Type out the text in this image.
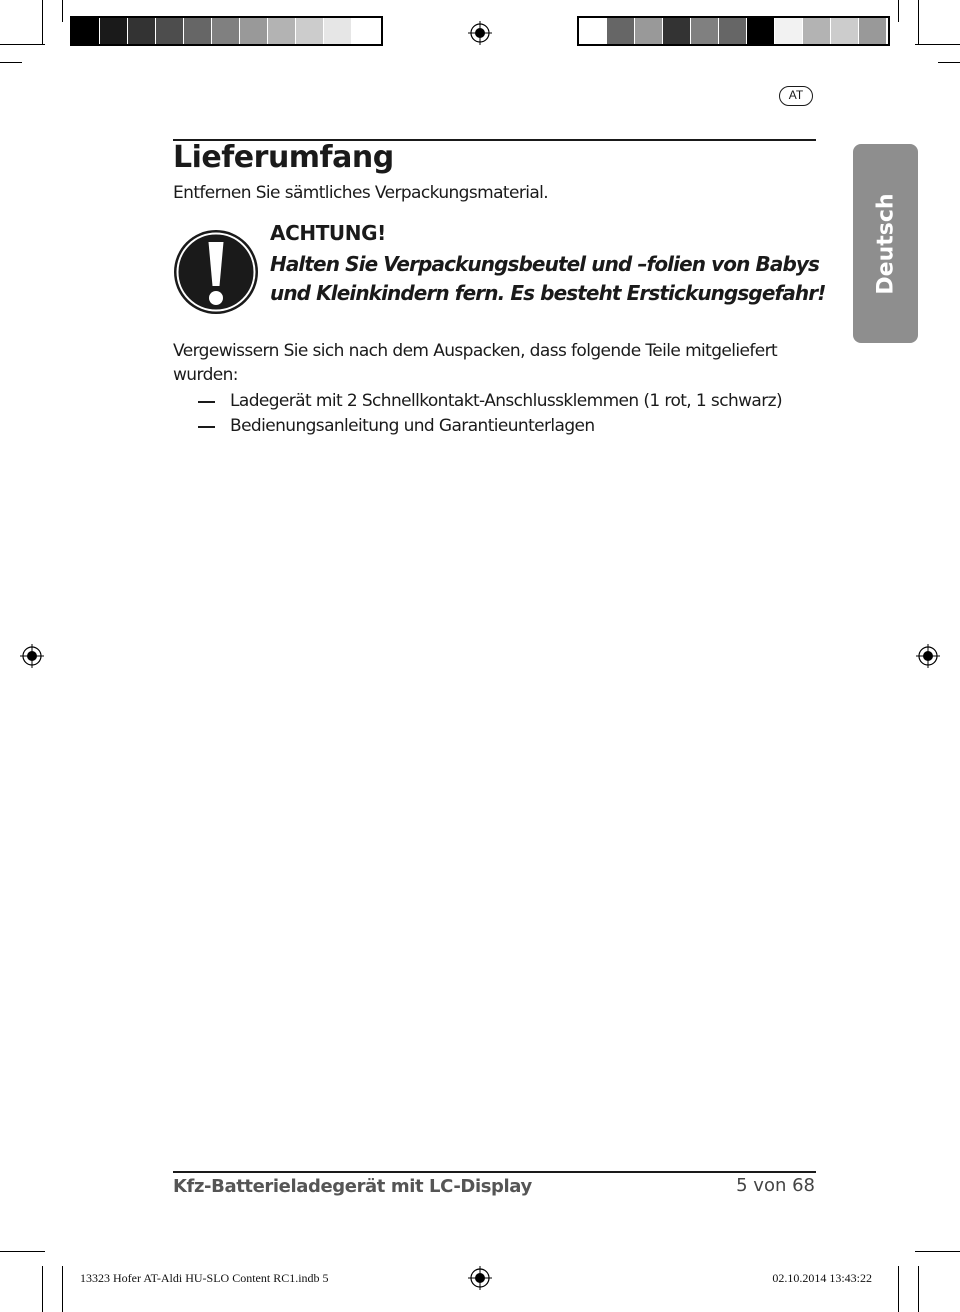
AT
Lieferumfang
Entfernen Sie sämtliches Verpackungsmaterial.
ACHTUNG!
Halten Sie Verpackungsbeutel und –folien von Babys
und Kleinkindern fern. Es besteht Erstickungsgefahr!
Vergewissern Sie sich nach dem Auspacken, dass folgende Teile mitgeliefert
wurden:
Ladegerät mit 2 Schnellkontakt-Anschlussklemmen (1 rot, 1 schwarz)
Bedienungsanleitung und Garantieunterlagen
Deutsch
Kfz-Batterieladegerät mit LC-Display	5 von 68
13323 Hofer AT-Aldi HU-SLO Content RC1.indb 5	02.10.2014 13:43:22
